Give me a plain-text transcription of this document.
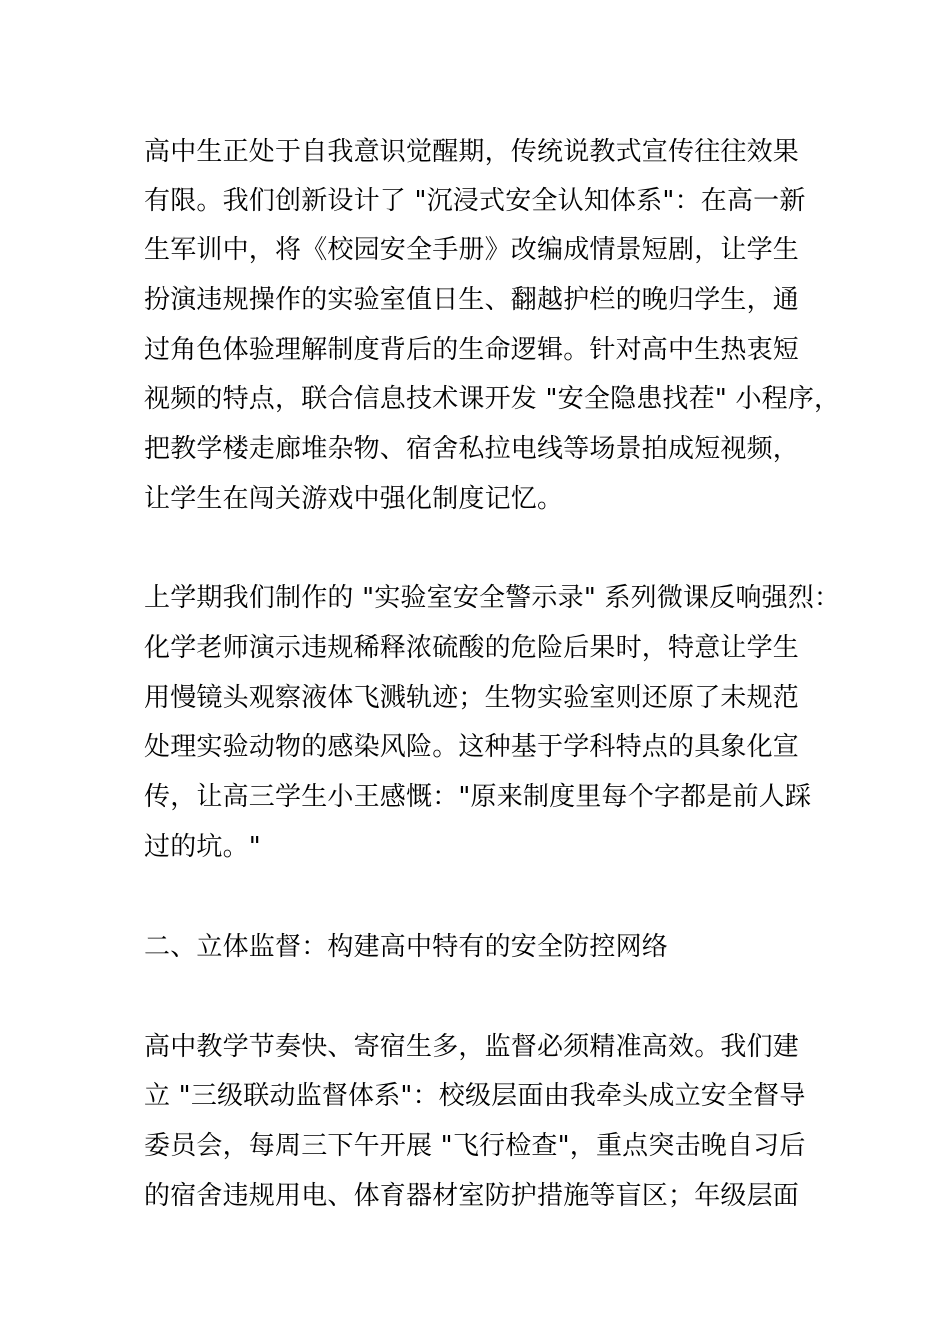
高中生正处于自我意识觉醒期，传统说教式宣传往往效果
有限。我们创新设计了 "沉浸式安全认知体系"：在高一新
生军训中，将《校园安全手册》改编成情景短剧，让学生
扮演违规操作的实验室值日生、翻越护栏的晚归学生，通
过角色体验理解制度背后的生命逻辑。针对高中生热衷短
视频的特点，联合信息技术课开发 "安全隐患找茬" 小程序，
把教学楼走廊堆杂物、宿舍私拉电线等场景拍成短视频，
让学生在闯关游戏中强化制度记忆。
上学期我们制作的 "实验室安全警示录" 系列微课反响强烈：
化学老师演示违规稀释浓硫酸的危险后果时，特意让学生
用慢镜头观察液体飞溅轨迹；生物实验室则还原了未规范
处理实验动物的感染风险。这种基于学科特点的具象化宣
传，让高三学生小王感慨："原来制度里每个字都是前人踩
过的坑。"
二、立体监督：构建高中特有的安全防控网络
高中教学节奏快、寄宿生多，监督必须精准高效。我们建
立 "三级联动监督体系"：校级层面由我牵头成立安全督导
委员会，每周三下午开展 "飞行检查"，重点突击晚自习后
的宿舍违规用电、体育器材室防护措施等盲区；年级层面
